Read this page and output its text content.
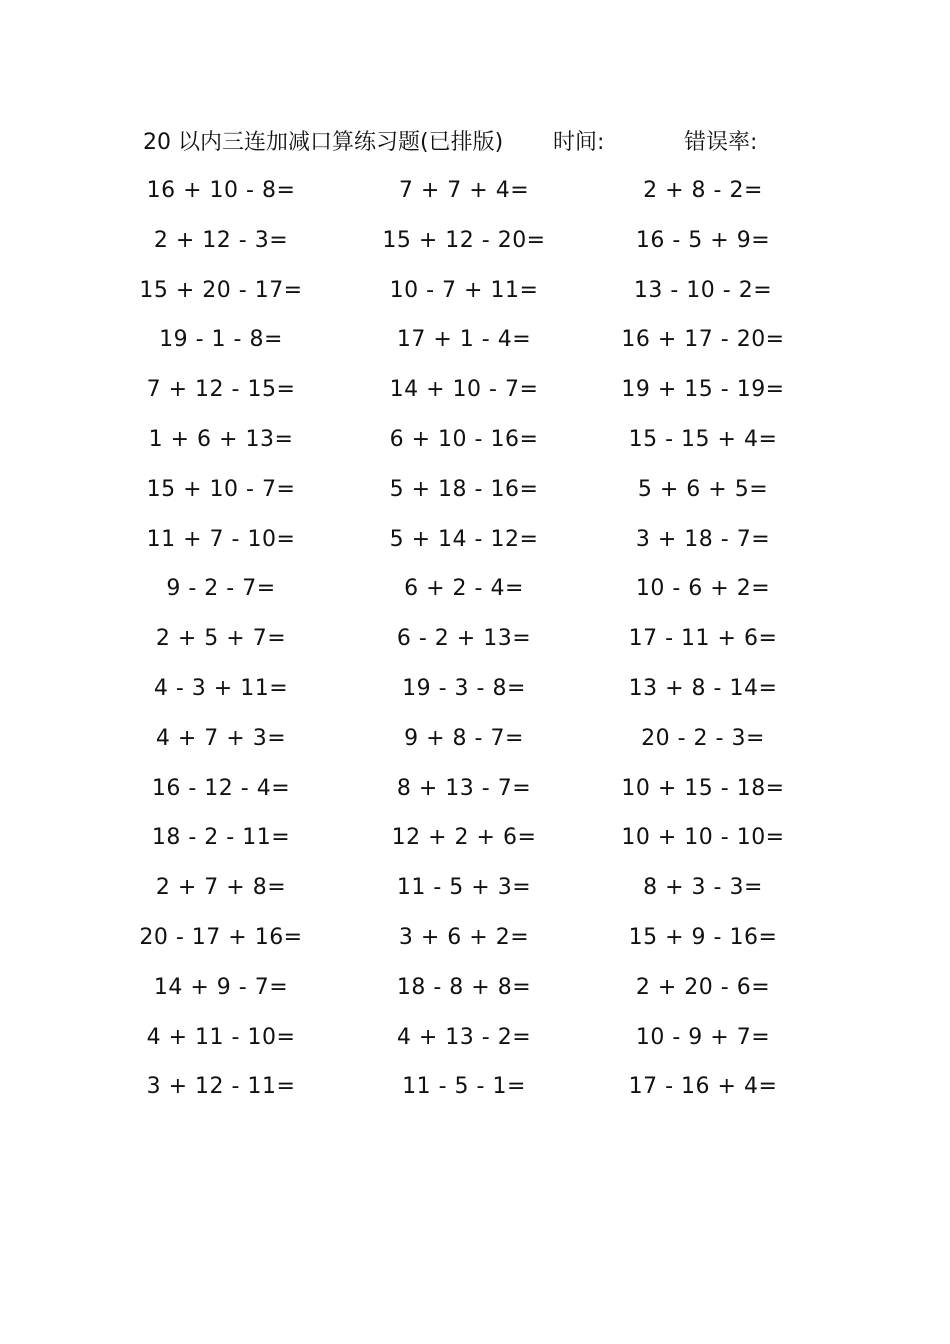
20 以内三连加减口算练习题(已排版) 时间:	错误率:
16 + 10 - 8=	7 + 7 + 4=	2 + 8 - 2=
2 + 12 - 3=	15 + 12 - 20=	16 - 5 + 9=
15 + 20 - 17=	10 - 7 + 11=	13 - 10 - 2=
19 - 1 - 8=	17 + 1 - 4=	16 + 17 - 20=
7 + 12 - 15=	14 + 10 - 7=	19 + 15 - 19=
1 + 6 + 13=	6 + 10 - 16=	15 - 15 + 4=
15 + 10 - 7=	5 + 18 - 16=	5 + 6 + 5=
11 + 7 - 10=	5 + 14 - 12=	3 + 18 - 7=
9 - 2 - 7=	6 + 2 - 4=	10 - 6 + 2=
2 + 5 + 7=	6 - 2 + 13=	17 - 11 + 6=
4 - 3 + 11=	19 - 3 - 8=	13 + 8 - 14=
4 + 7 + 3=	9 + 8 - 7=	20 - 2 - 3=
16 - 12 - 4=	8 + 13 - 7=	10 + 15 - 18=
18 - 2 - 11=	12 + 2 + 6=	10 + 10 - 10=
2 + 7 + 8=	11 - 5 + 3=	8 + 3 - 3=
20 - 17 + 16=	3 + 6 + 2=	15 + 9 - 16=
14 + 9 - 7=	18 - 8 + 8=	2 + 20 - 6=
4 + 11 - 10=	4 + 13 - 2=	10 - 9 + 7=
3 + 12 - 11=	11 - 5 - 1=	17 - 16 + 4=
